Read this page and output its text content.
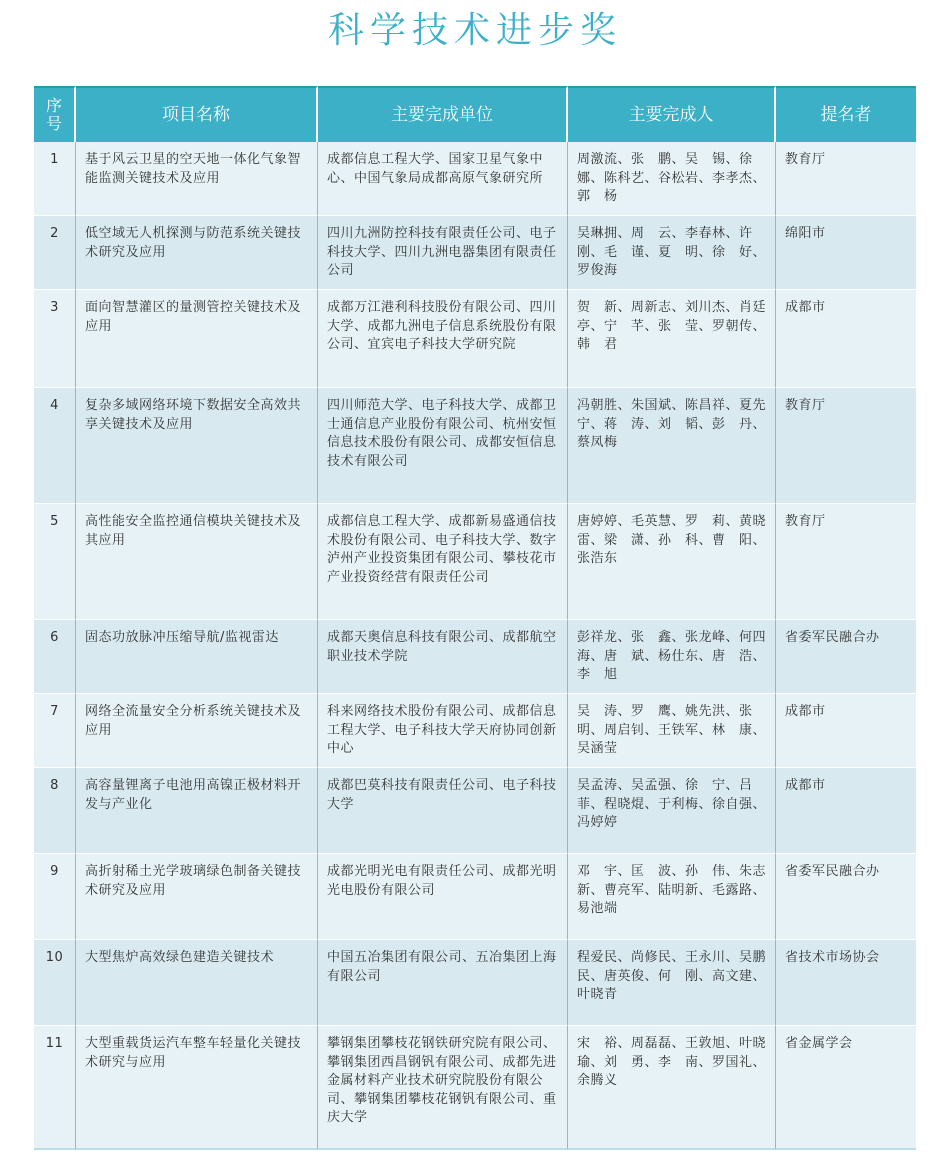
科学技术进步奖
序号	项目名称	主要完成单位	主要完成人	提名者
1	基于风云卫星的空天地一体化气象智能监测关键技术及应用	成都信息工程大学、国家卫星气象中心、中国气象局成都高原气象研究所	周激流、张　鹏、吴　锡、徐　娜、陈科艺、谷松岩、李孝杰、郭　杨	教育厅
2	低空域无人机探测与防范系统关键技术研究及应用	四川九洲防控科技有限责任公司、电子科技大学、四川九洲电器集团有限责任公司	吴琳拥、周　云、李春林、许　刚、毛　谨、夏　明、徐　好、罗俊海	绵阳市
3	面向智慧灌区的量测管控关键技术及应用	成都万江港利科技股份有限公司、四川大学、成都九洲电子信息系统股份有限公司、宜宾电子科技大学研究院	贺　新、周新志、刘川杰、肖廷亭、宁　芊、张　莹、罗朝传、韩　君	成都市
4	复杂多域网络环境下数据安全高效共享关键技术及应用	四川师范大学、电子科技大学、成都卫士通信息产业股份有限公司、杭州安恒信息技术股份有限公司、成都安恒信息技术有限公司	冯朝胜、朱国斌、陈昌祥、夏先宁、蒋　涛、刘　韬、彭　丹、蔡凤梅	教育厅
5	高性能安全监控通信模块关键技术及其应用	成都信息工程大学、成都新易盛通信技术股份有限公司、电子科技大学、数字泸州产业投资集团有限公司、攀枝花市产业投资经营有限责任公司	唐婷婷、毛英慧、罗　莉、黄晓雷、梁　潇、孙　科、曹　阳、张浩东	教育厅
6	固态功放脉冲压缩导航/监视雷达	成都天奥信息科技有限公司、成都航空职业技术学院	彭祥龙、张　鑫、张龙峰、何四海、唐　斌、杨仕东、唐　浩、李　旭	省委军民融合办
7	网络全流量安全分析系统关键技术及应用	科来网络技术股份有限公司、成都信息工程大学、电子科技大学天府协同创新中心	吴　涛、罗　鹰、姚先洪、张　明、周启钊、王铁军、林　康、吴涵莹	成都市
8	高容量锂离子电池用高镍正极材料开发与产业化	成都巴莫科技有限责任公司、电子科技大学	吴孟涛、吴孟强、徐　宁、吕　菲、程晓焜、于利梅、徐自强、冯婷婷	成都市
9	高折射稀土光学玻璃绿色制备关键技术研究及应用	成都光明光电有限责任公司、成都光明光电股份有限公司	邓　宇、匡　波、孙　伟、朱志新、曹亮军、陆明新、毛露路、易池端	省委军民融合办
10	大型焦炉高效绿色建造关键技术	中国五冶集团有限公司、五冶集团上海有限公司	程爱民、尚修民、王永川、吴鹏民、唐英俊、何　刚、高文建、叶晓青	省技术市场协会
11	大型重载货运汽车整车轻量化关键技术研究与应用	攀钢集团攀枝花钢铁研究院有限公司、攀钢集团西昌钢钒有限公司、成都先进金属材料产业技术研究院股份有限公司、攀钢集团攀枝花钢钒有限公司、重庆大学	宋　裕、周磊磊、王敦旭、叶晓瑜、刘　勇、李　南、罗国礼、余腾义	省金属学会
